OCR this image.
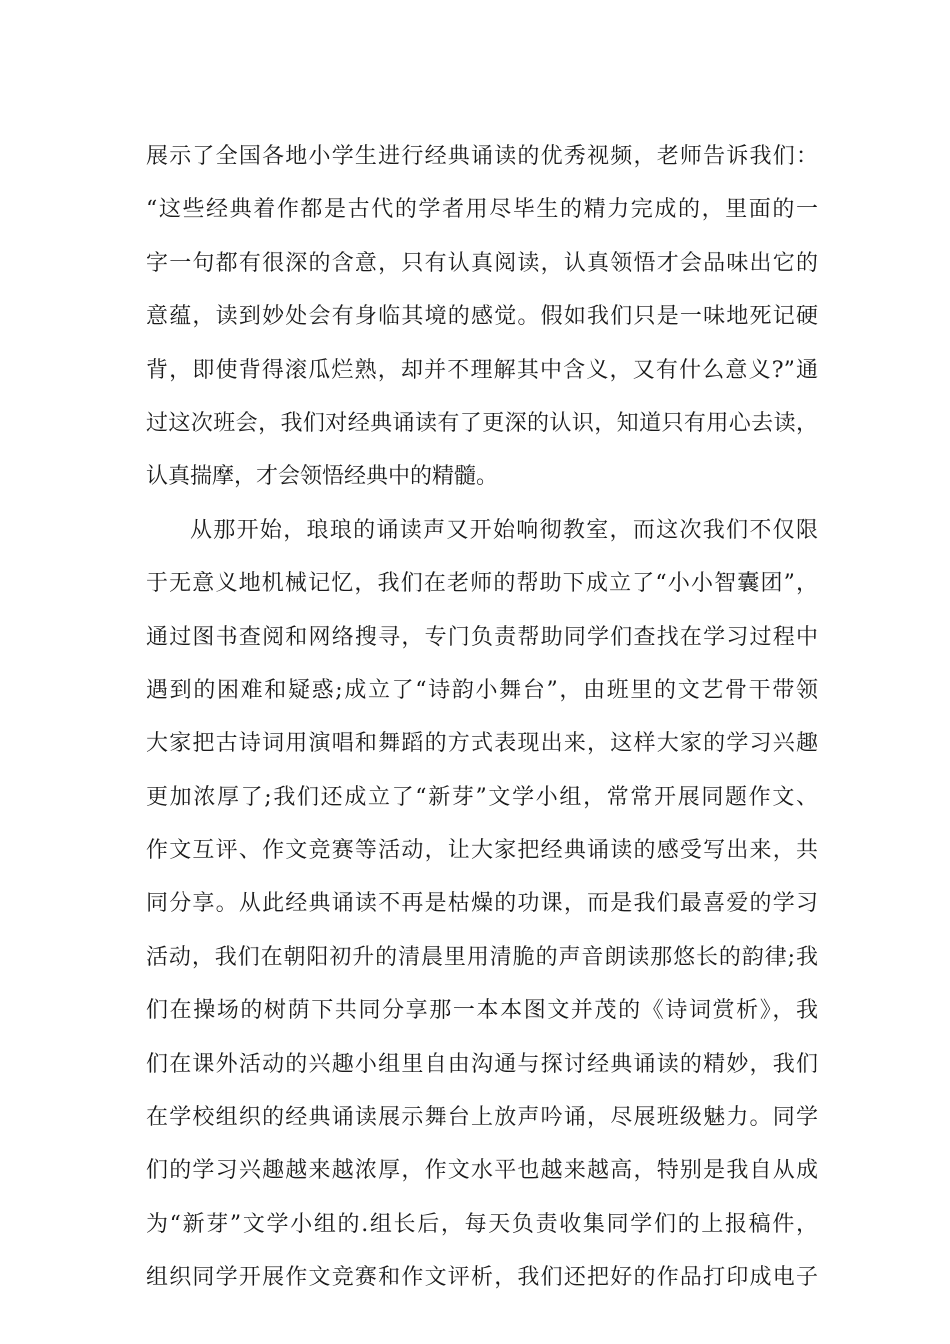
展示了全国各地小学生进行经典诵读的优秀视频，老师告诉我们：
“这些经典着作都是古代的学者用尽毕生的精力完成的，里面的一
字一句都有很深的含意，只有认真阅读，认真领悟才会品味出它的
意蕴，读到妙处会有身临其境的感觉。假如我们只是一味地死记硬
背，即使背得滚瓜烂熟，却并不理解其中含义，又有什么意义?”通
过这次班会，我们对经典诵读有了更深的认识，知道只有用心去读，
认真揣摩，才会领悟经典中的精髓。
从那开始，琅琅的诵读声又开始响彻教室，而这次我们不仅限
于无意义地机械记忆，我们在老师的帮助下成立了“小小智囊团”，
通过图书查阅和网络搜寻，专门负责帮助同学们查找在学习过程中
遇到的困难和疑惑;成立了“诗韵小舞台”，由班里的文艺骨干带领
大家把古诗词用演唱和舞蹈的方式表现出来，这样大家的学习兴趣
更加浓厚了;我们还成立了“新芽”文学小组，常常开展同题作文、
作文互评、作文竞赛等活动，让大家把经典诵读的感受写出来，共
同分享。从此经典诵读不再是枯燥的功课，而是我们最喜爱的学习
活动，我们在朝阳初升的清晨里用清脆的声音朗读那悠长的韵律;我
们在操场的树荫下共同分享那一本本图文并茂的《诗词赏析》，我
们在课外活动的兴趣小组里自由沟通与探讨经典诵读的精妙，我们
在学校组织的经典诵读展示舞台上放声吟诵，尽展班级魅力。同学
们的学习兴趣越来越浓厚，作文水平也越来越高，特别是我自从成
为“新芽”文学小组的.组长后，每天负责收集同学们的上报稿件，
组织同学开展作文竞赛和作文评析，我们还把好的作品打印成电子
